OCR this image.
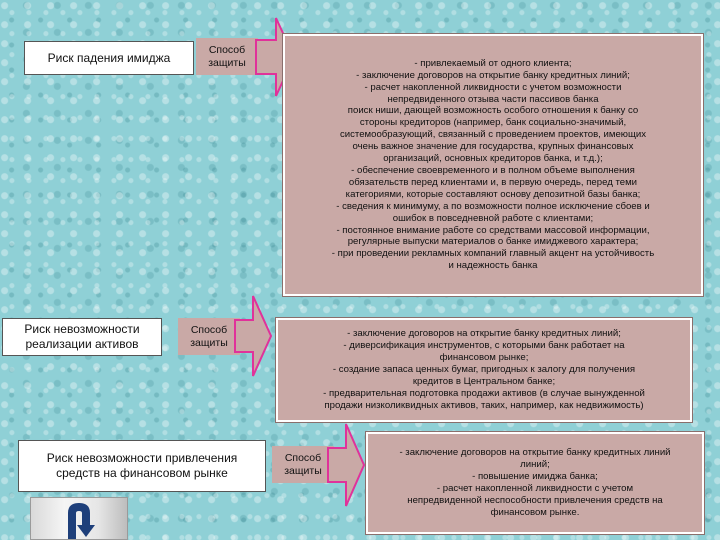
Риск падения имиджа
Способ защиты	- привлекаемый от одного клиента;
- заключение договоров на открытие банку кредитных линий;
- расчет накопленной ликвидности с учетом возможности
непредвиденного отзыва части пассивов банка
поиск ниши, дающей возможность особого отношения к банку со
стороны кредиторов (например, банк социально-значимый,
системообразующий, связанный с проведением проектов, имеющих
очень важное значение для государства, крупных финансовых
организаций, основных кредиторов банка, и т.д.);
- обеспечение своевременного и в полном объеме выполнения
обязательств перед клиентами и, в первую очередь, перед теми
категориями, которые составляют основу депозитной базы банка;
- сведения к минимуму, а по возможности полное исключение сбоев и
ошибок в повседневной работе с клиентами;
- постоянное внимание работе со средствами массовой информации,
регулярные выпуски материалов о банке имиджевого характера;
- при проведении рекламных компаний главный акцент на устойчивость
и надежность банка
Риск невозможности реализации активов
Способ защиты
- заключение договоров на открытие банку кредитных линий;
- диверсификация инструментов, с которыми банк работает на
финансовом рынке;
- создание запаса ценных бумаг, пригодных к залогу для получения
кредитов в Центральном банке;
- предварительная подготовка продажи активов (в случае вынужденной
продажи низколиквидных активов, таких, например, как недвижимость)
Риск невозможности привлечения средств на финансовом рынке
Способ защиты
- заключение договоров на открытие банку кредитных линий
линий;
- повышение имиджа банка;
- расчет накопленной ликвидности с учетом
непредвиденной неспособности привлечения средств на
финансовом рынке.
